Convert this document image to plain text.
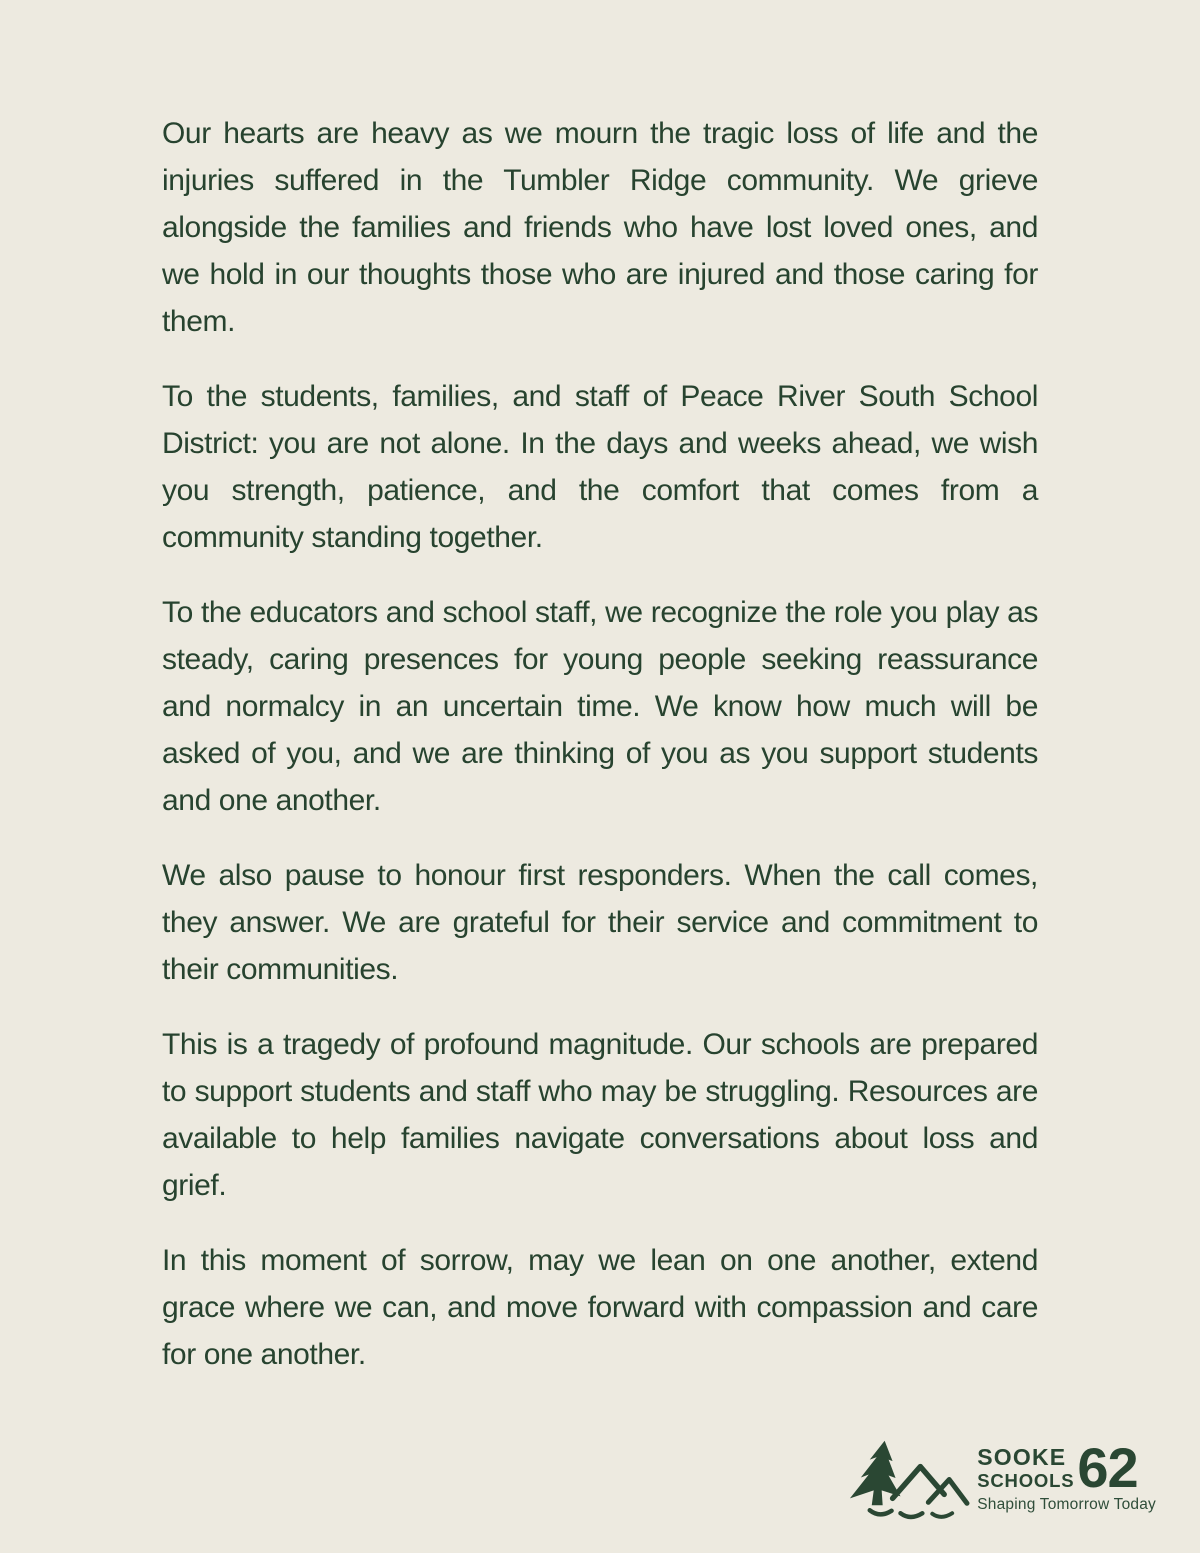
Our hearts are heavy as we mourn the tragic loss of life and the injuries suffered in the Tumbler Ridge community. We grieve alongside the families and friends who have lost loved ones, and we hold in our thoughts those who are injured and those caring for them.

To the students, families, and staff of Peace River South School District: you are not alone. In the days and weeks ahead, we wish you strength, patience, and the comfort that comes from a community standing together.

To the educators and school staff, we recognize the role you play as steady, caring presences for young people seeking reassurance and normalcy in an uncertain time. We know how much will be asked of you, and we are thinking of you as you support students and one another.

We also pause to honour first responders. When the call comes, they answer. We are grateful for their service and commitment to their communities.

This is a tragedy of profound magnitude. Our schools are prepared to support students and staff who may be struggling. Resources are available to help families navigate conversations about loss and grief.

In this moment of sorrow, may we lean on one another, extend grace where we can, and move forward with compassion and care for one another.

SOOKE
SCHOOLS 62
Shaping Tomorrow Today
